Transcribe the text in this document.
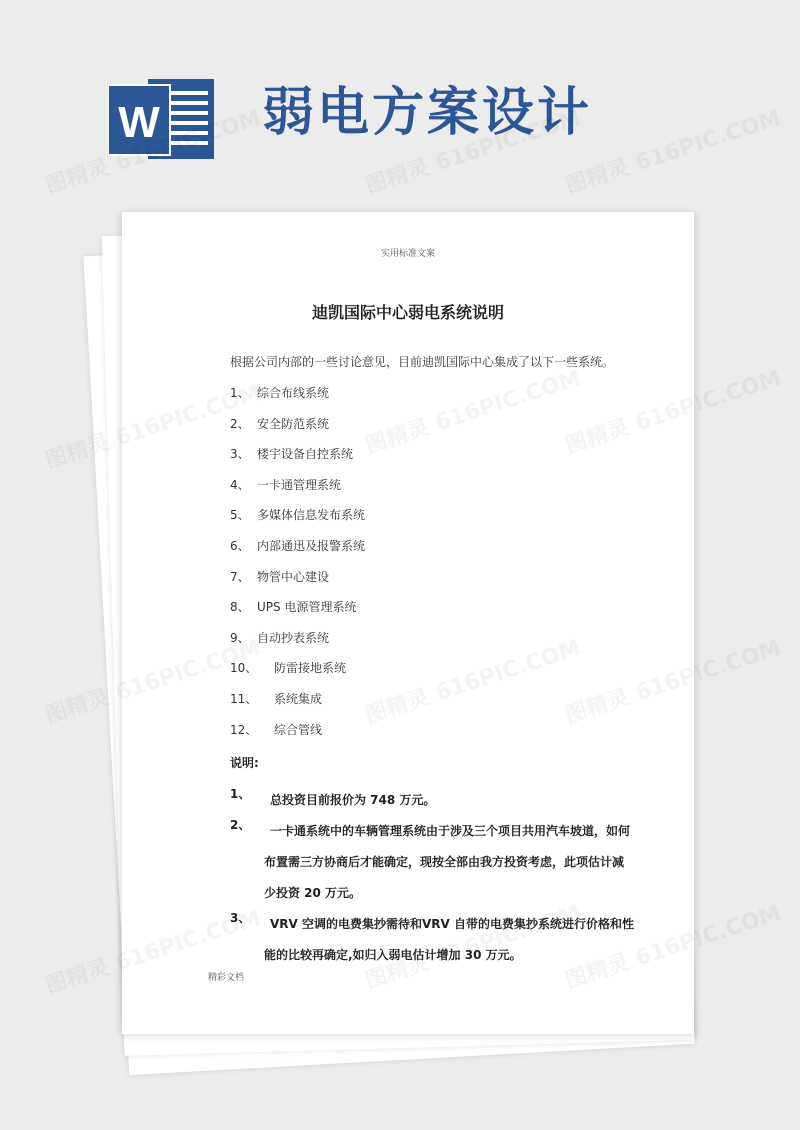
W 弱电方案设计
实用标准文案
迪凯国际中心弱电系统说明
根据公司内部的一些讨论意见，目前迪凯国际中心集成了以下一些系统。
1、 综合布线系统
2、 安全防范系统
3、 楼宇设备自控系统
4、 一卡通管理系统
5、 多媒体信息发布系统
6、 内部通迅及报警系统
7、 物管中心建设
8、 UPS 电源管理系统
9、 自动抄表系统
10、 防雷接地系统
11、 系统集成
12、 综合管线
说明:
1、 总投资目前报价为 748 万元。
2、 一卡通系统中的车辆管理系统由于涉及三个项目共用汽车坡道，如何
布置需三方协商后才能确定，现按全部由我方投资考虑，此项估计减
少投资 20 万元。
3、 VRV 空调的电费集抄需待和VRV 自带的电费集抄系统进行价格和性
能的比较再确定,如归入弱电估计增加 30 万元。
精彩文档
